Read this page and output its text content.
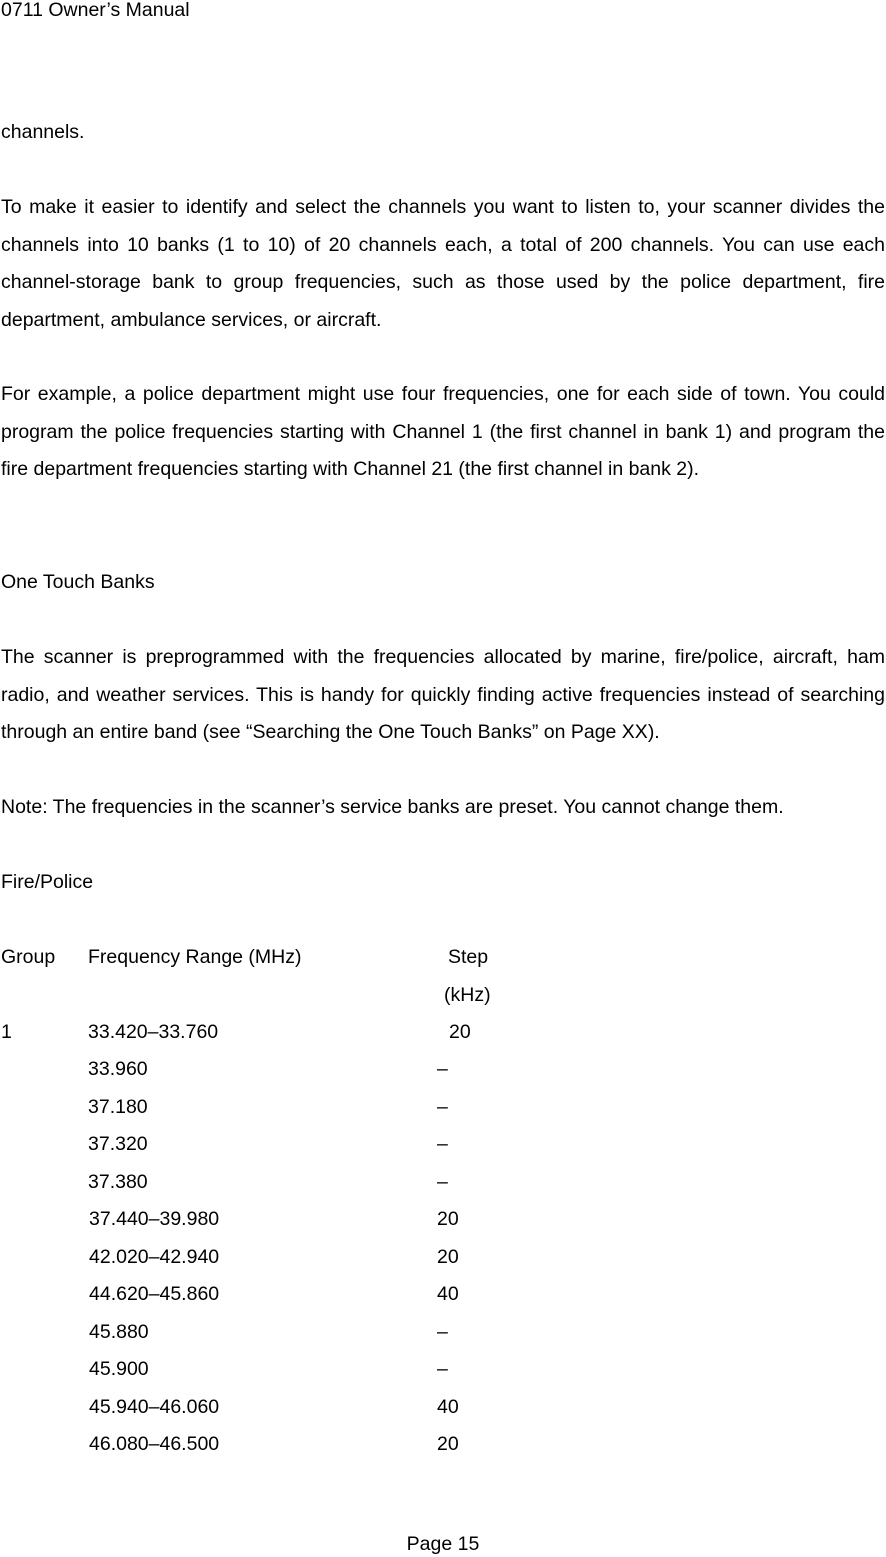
0711 Owner’s Manual
channels.

To make it easier to identify and select the channels you want to listen to, your scanner divides the channels into 10 banks (1 to 10) of 20 channels each, a total of 200 channels. You can use each channel-storage bank to group frequencies, such as those used by the police department, fire department, ambulance services, or aircraft.

For example, a police department might use four frequencies, one for each side of town. You could program the police frequencies starting with Channel 1 (the first channel in bank 1) and program the fire department frequencies starting with Channel 21 (the first channel in bank 2).

One Touch Banks

The scanner is preprogrammed with the frequencies allocated by marine, fire/police, aircraft, ham radio, and weather services. This is handy for quickly finding active frequencies instead of searching through an entire band (see “Searching the One Touch Banks” on Page XX).

Note: The frequencies in the scanner’s service banks are preset. You cannot change them.
Fire/Police
Group Frequency Range (MHz)	Step
(kHz)
1	33.420–33.760	20
33.960	–
37.180	–
37.320	–
37.380	–
37.440–39.980	20
42.020–42.940	20
44.620–45.860	40
45.880	–
45.900	–
45.940–46.060	40
46.080–46.500	20
Page 15
